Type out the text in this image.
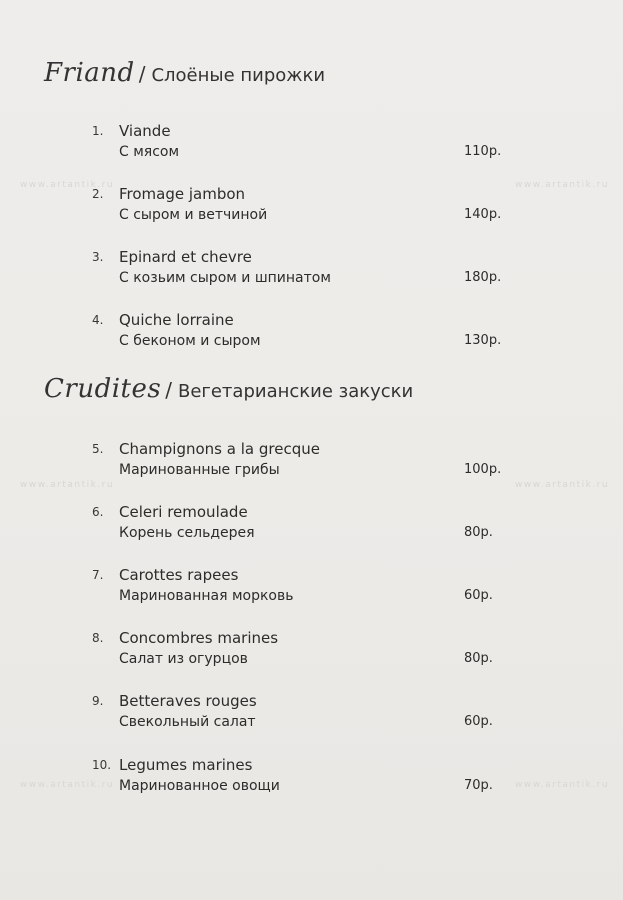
www.artantik.ru	www.artantik.ru
www.artantik.ru	www.artantik.ru
www.artantik.ru	www.artantik.ru
Friand / Слоёные пирожки
1. Viande
С мясом	110р.
2. Fromage jambon
С сыром и ветчиной	140р.
3. Epinard et chevre
С козьим сыром и шпинатом	180р.
4. Quiche lorraine
С беконом и сыром	130р.
Crudites / Вегетарианские закуски
5. Champignons a la grecque
Маринованные грибы	100р.
6. Celeri remoulade
Корень сельдерея	80р.
7. Carottes rapees
Маринованная морковь	60р.
8. Concombres marines
Салат из огурцов	80р.
9. Betteraves rouges
Свекольный салат	60р.
10. Legumes marines
Маринованное овощи	70р.
